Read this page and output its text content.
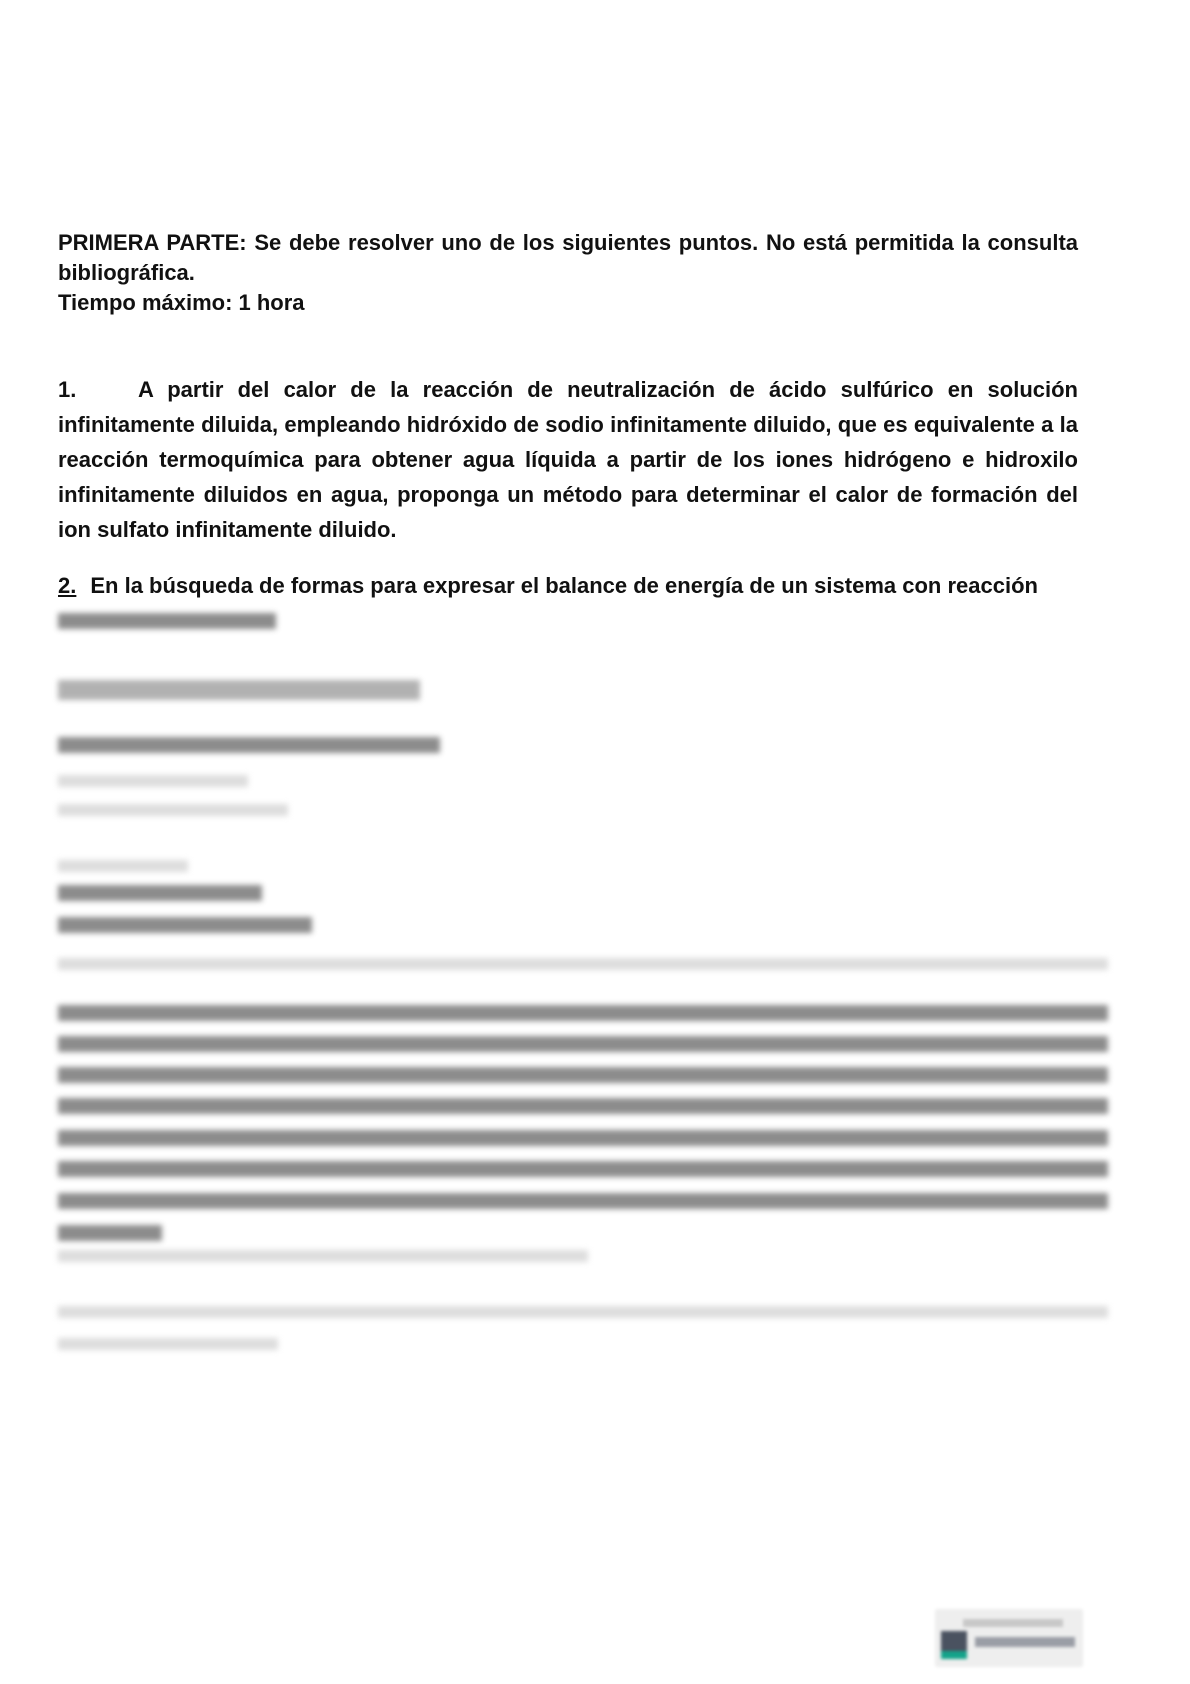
PRIMERA PARTE: Se debe resolver uno de los siguientes puntos. No está permitida la consulta bibliográfica.
Tiempo máximo: 1 hora
1.	A partir del calor de la reacción de neutralización de ácido sulfúrico en solución infinitamente diluida, empleando hidróxido de sodio infinitamente diluido, que es equivalente a la reacción termoquímica para obtener agua líquida a partir de los iones hidrógeno e hidroxilo infinitamente diluidos en agua, proponga un método para determinar el calor de formación del ion sulfato infinitamente diluido.
2. En la búsqueda de formas para expresar el balance de energía de un sistema con reacción
